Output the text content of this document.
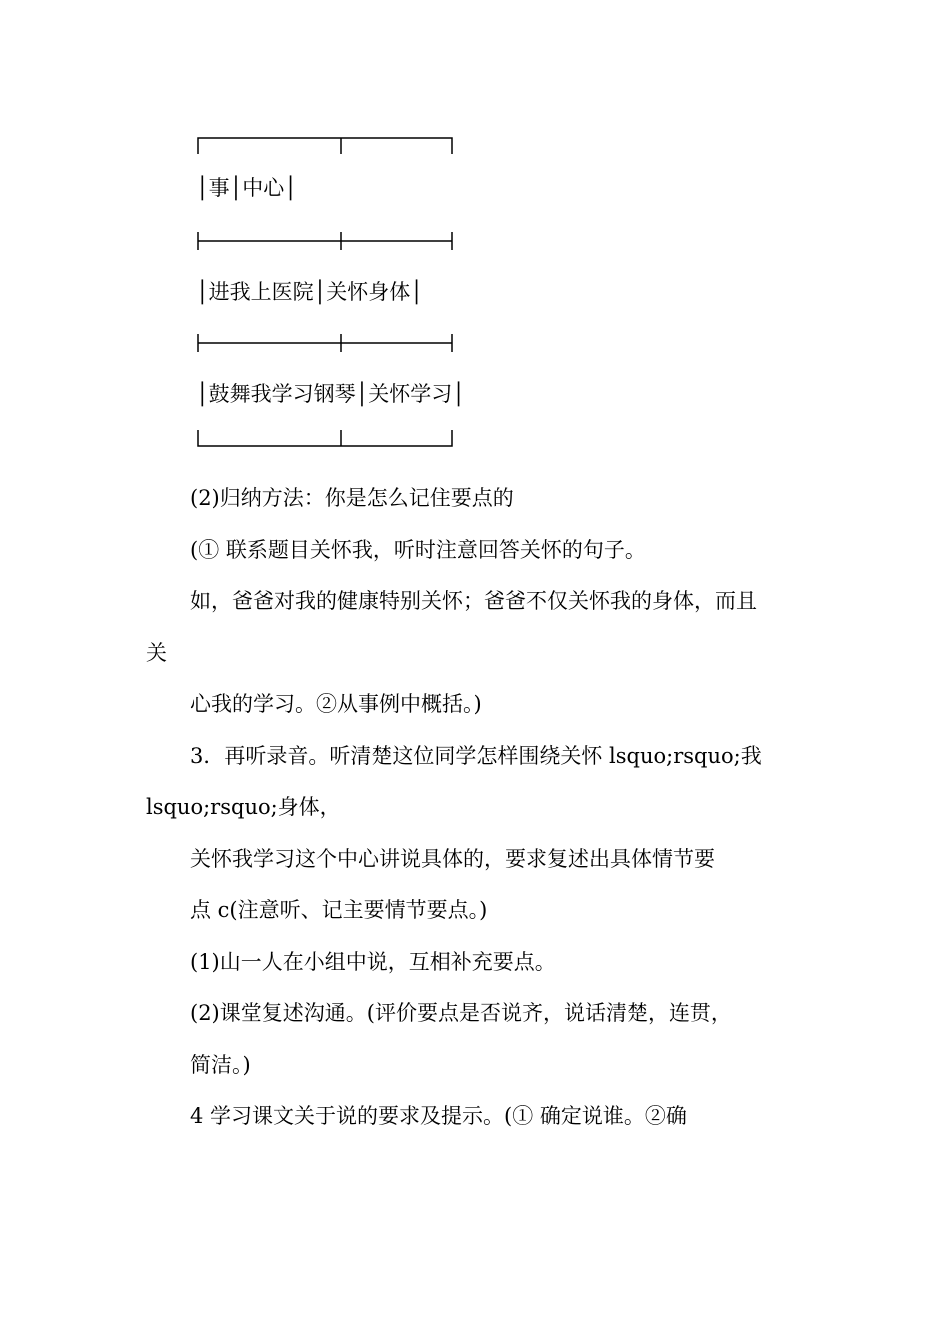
│事│中心│
│进我上医院│关怀身体│
│鼓舞我学习钢琴│关怀学习│
(2)归纳方法：你是怎么记住要点的
(① 联系题目关怀我，听时注意回答关怀的句子。
如，爸爸对我的健康特别关怀；爸爸不仅关怀我的身体，而且
关
心我的学习。②从事例中概括。)
3．再听录音。听清楚这位同学怎样围绕关怀 lsquo;rsquo;我
lsquo;rsquo;身体，
关怀我学习这个中心讲说具体的，要求复述出具体情节要
点 c(注意听、记主要情节要点。)
(1)山一人在小组中说，互相补充要点。
(2)课堂复述沟通。(评价要点是否说齐，说话清楚，连贯，
简洁。)
4 学习课文关于说的要求及提示。(① 确定说谁。②确
